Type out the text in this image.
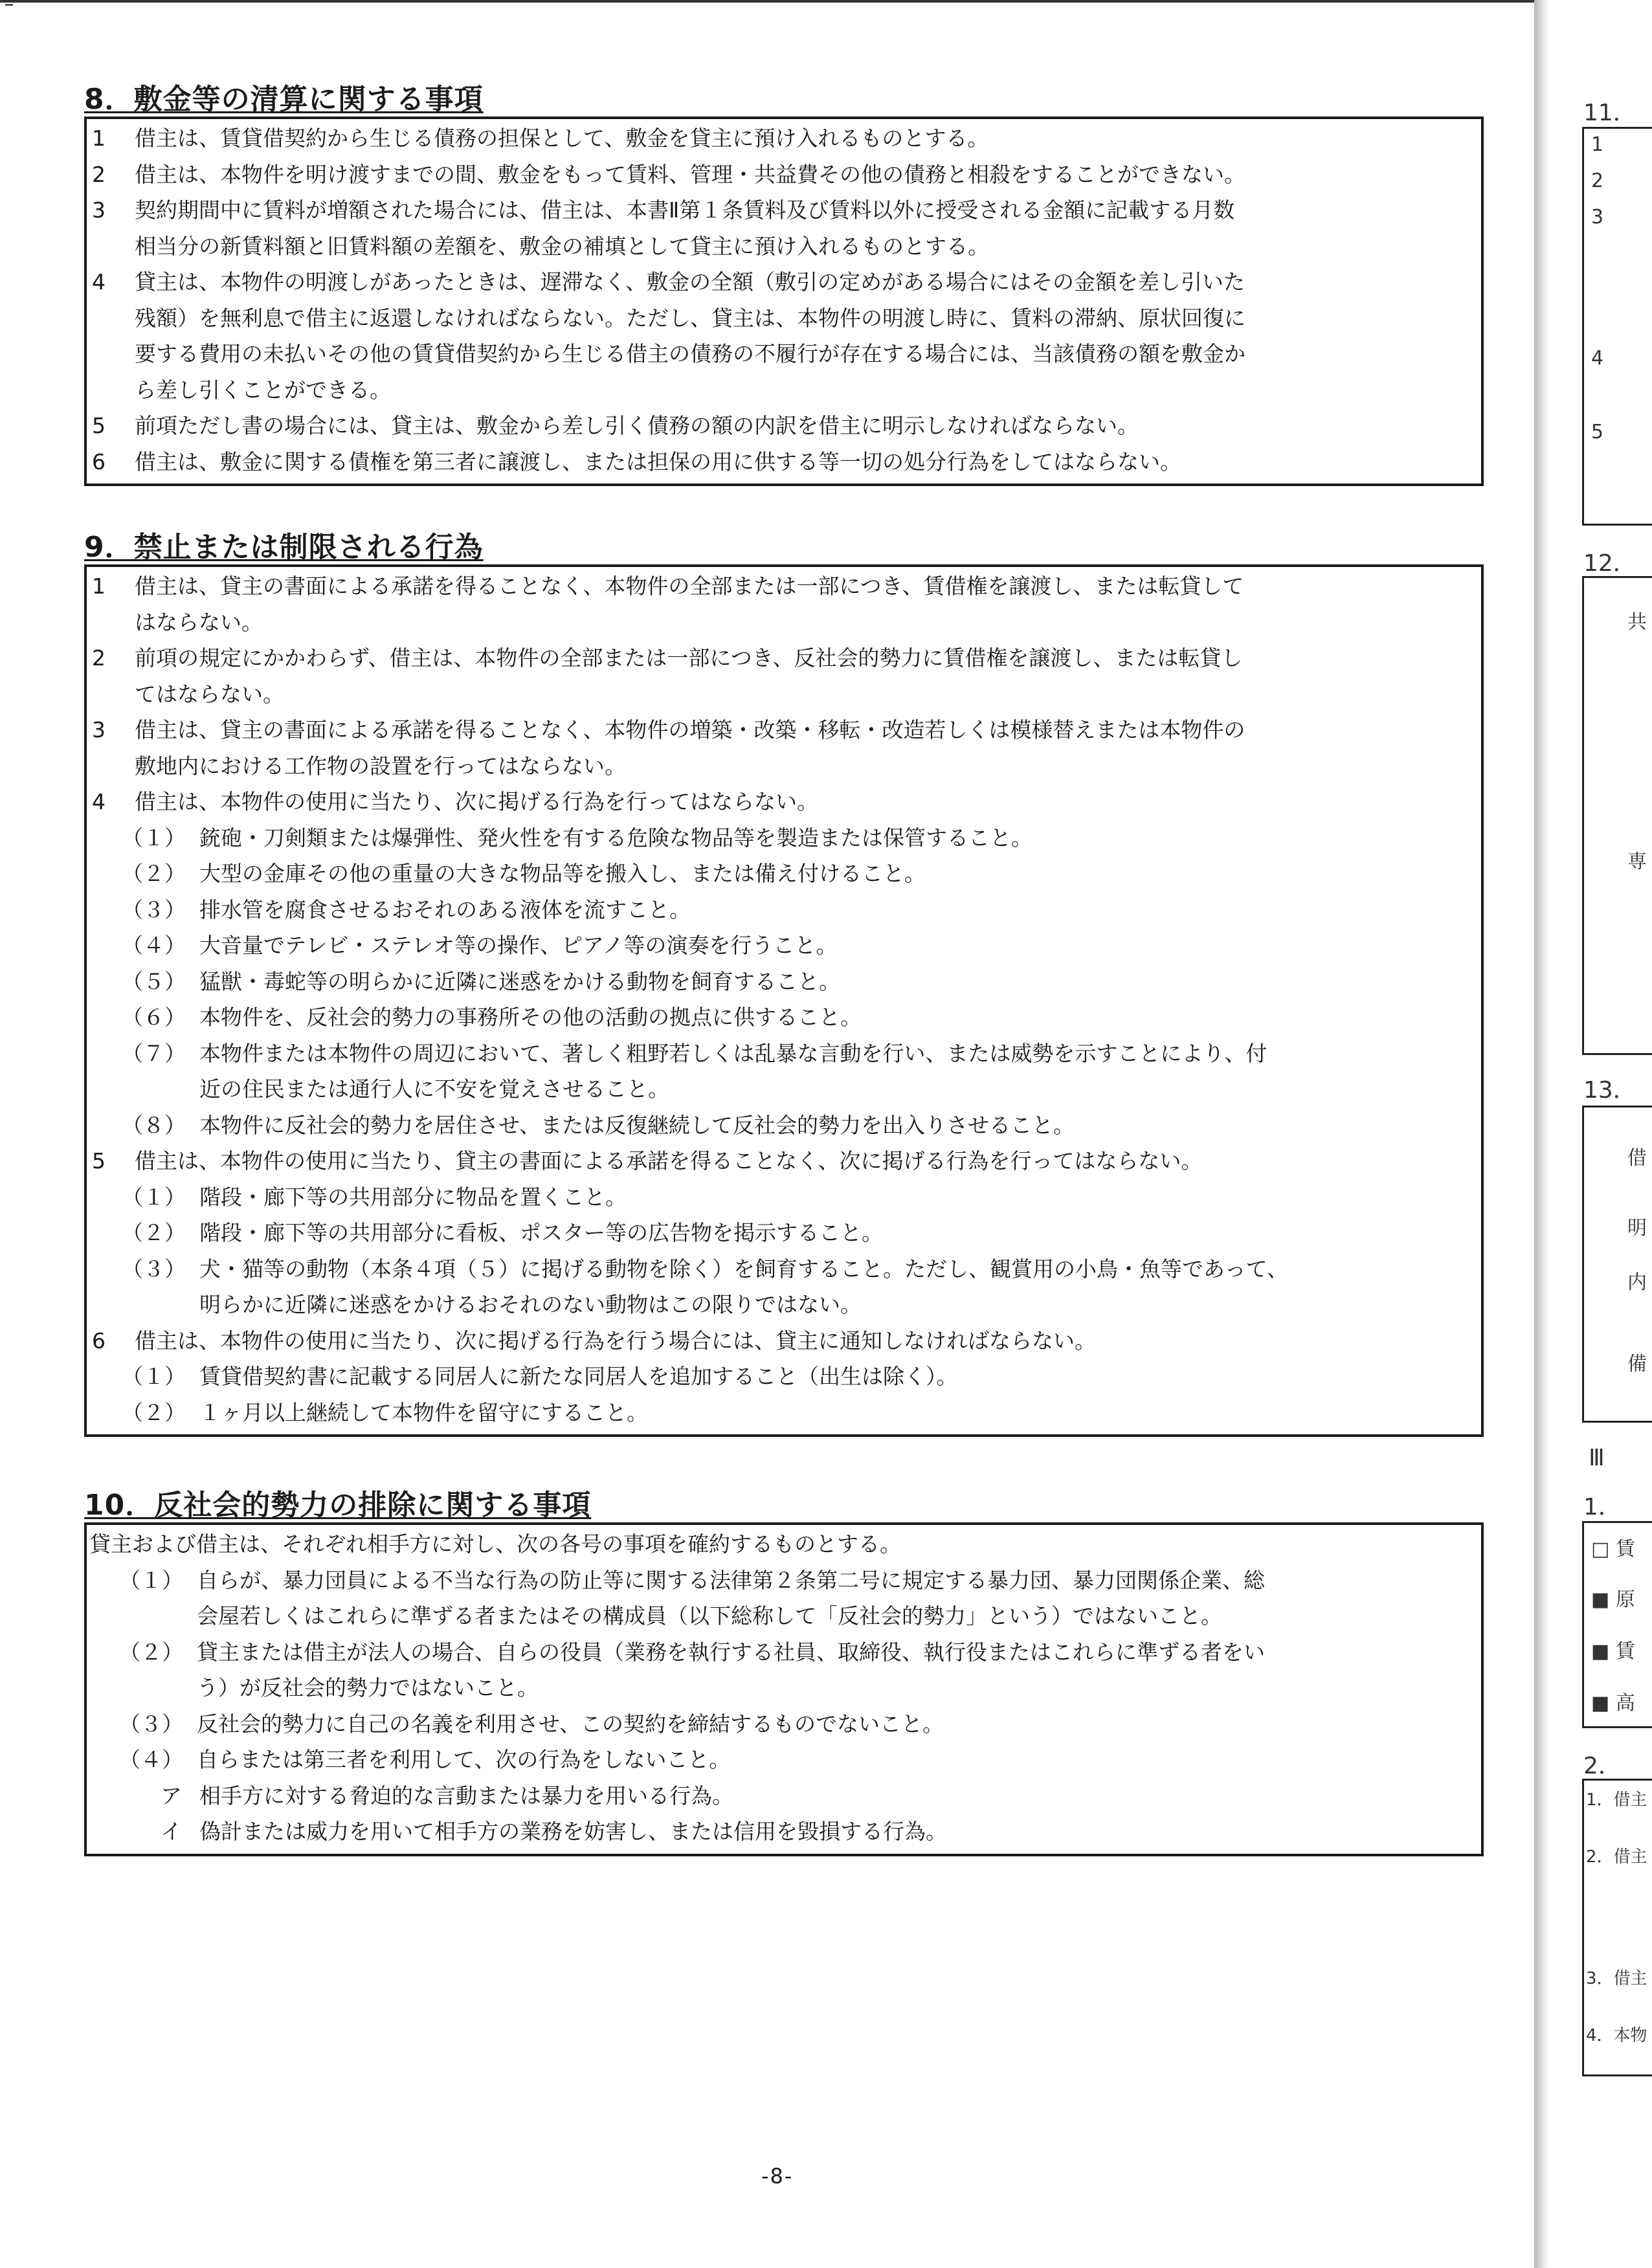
8．敷金等の清算に関する事項
1	借主は、賃貸借契約から生じる債務の担保として、敷金を貸主に預け入れるものとする。
2	借主は、本物件を明け渡すまでの間、敷金をもって賃料、管理・共益費その他の債務と相殺をすることができない。
3	契約期間中に賃料が増額された場合には、借主は、本書Ⅱ第１条賃料及び賃料以外に授受される金額に記載する月数
相当分の新賃料額と旧賃料額の差額を、敷金の補填として貸主に預け入れるものとする。
4	貸主は、本物件の明渡しがあったときは、遅滞なく、敷金の全額（敷引の定めがある場合にはその金額を差し引いた
残額）を無利息で借主に返還しなければならない。ただし、貸主は、本物件の明渡し時に、賃料の滞納、原状回復に
要する費用の未払いその他の賃貸借契約から生じる借主の債務の不履行が存在する場合には、当該債務の額を敷金か
ら差し引くことができる。
5	前項ただし書の場合には、貸主は、敷金から差し引く債務の額の内訳を借主に明示しなければならない。
6	借主は、敷金に関する債権を第三者に譲渡し、または担保の用に供する等一切の処分行為をしてはならない。
9．禁止または制限される行為
1	借主は、貸主の書面による承諾を得ることなく、本物件の全部または一部につき、賃借権を譲渡し、または転貸して
はならない。
2	前項の規定にかかわらず、借主は、本物件の全部または一部につき、反社会的勢力に賃借権を譲渡し、または転貸し
てはならない。
3	借主は、貸主の書面による承諾を得ることなく、本物件の増築・改築・移転・改造若しくは模様替えまたは本物件の
敷地内における工作物の設置を行ってはならない。
4	借主は、本物件の使用に当たり、次に掲げる行為を行ってはならない。
（１） 銃砲・刀剣類または爆弾性、発火性を有する危険な物品等を製造または保管すること。
（２） 大型の金庫その他の重量の大きな物品等を搬入し、または備え付けること。
（３） 排水管を腐食させるおそれのある液体を流すこと。
（４） 大音量でテレビ・ステレオ等の操作、ピアノ等の演奏を行うこと。
（５） 猛獣・毒蛇等の明らかに近隣に迷惑をかける動物を飼育すること。
（６） 本物件を、反社会的勢力の事務所その他の活動の拠点に供すること。
（７） 本物件または本物件の周辺において、著しく粗野若しくは乱暴な言動を行い、または威勢を示すことにより、付
近の住民または通行人に不安を覚えさせること。
（８） 本物件に反社会的勢力を居住させ、または反復継続して反社会的勢力を出入りさせること。
5	借主は、本物件の使用に当たり、貸主の書面による承諾を得ることなく、次に掲げる行為を行ってはならない。
（１） 階段・廊下等の共用部分に物品を置くこと。
（２） 階段・廊下等の共用部分に看板、ポスター等の広告物を掲示すること。
（３） 犬・猫等の動物（本条４項（５）に掲げる動物を除く）を飼育すること。ただし、観賞用の小鳥・魚等であって、
明らかに近隣に迷惑をかけるおそれのない動物はこの限りではない。
6	借主は、本物件の使用に当たり、次に掲げる行為を行う場合には、貸主に通知しなければならない。
（１） 賃貸借契約書に記載する同居人に新たな同居人を追加すること（出生は除く）。
（２） １ヶ月以上継続して本物件を留守にすること。
10．反社会的勢力の排除に関する事項
貸主および借主は、それぞれ相手方に対し、次の各号の事項を確約するものとする。
（１） 自らが、暴力団員による不当な行為の防止等に関する法律第２条第二号に規定する暴力団、暴力団関係企業、総
会屋若しくはこれらに準ずる者またはその構成員（以下総称して「反社会的勢力」という）ではないこと。
（２） 貸主または借主が法人の場合、自らの役員（業務を執行する社員、取締役、執行役またはこれらに準ずる者をい
う）が反社会的勢力ではないこと。
（３） 反社会的勢力に自己の名義を利用させ、この契約を締結するものでないこと。
（４） 自らまたは第三者を利用して、次の行為をしないこと。
ア 相手方に対する脅迫的な言動または暴力を用いる行為。
イ 偽計または威力を用いて相手方の業務を妨害し、または信用を毀損する行為。
-8-
11．
1
2
3
4
5
12．
共
専
13．
借
明
内
備
Ⅲ
1．
□ 賃
■ 原
■ 賃
■ 高
2．
1．借主
2．借主
3．借主
4．本物
